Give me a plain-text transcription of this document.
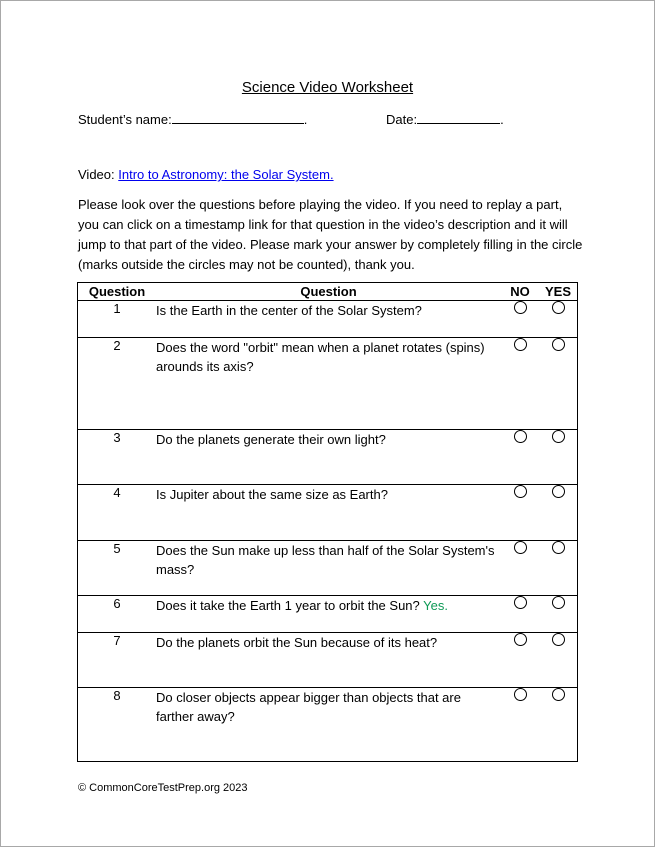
Science Video Worksheet
Student’s name:	.	Date:	.
Video: Intro to Astronomy: the Solar System.
Please look over the questions before playing the video. If you need to replay a part, you can click on a timestamp link for that question in the video’s description and it will jump to that part of the video. Please mark your answer by completely filling in the circle (marks outside the circles may not be counted), thank you.
Question	Question	NO	YES
1	Is the Earth in the center of the Solar System?		
2	Does the word "orbit" mean when a planet rotates (spins) arounds its axis?		
3	Do the planets generate their own light?		
4	Is Jupiter about the same size as Earth?		
5	Does the Sun make up less than half of the Solar System's mass?		
6	Does it take the Earth 1 year to orbit the Sun? Yes.		
7	Do the planets orbit the Sun because of its heat?		
8	Do closer objects appear bigger than objects that are farther away?		
© CommonCoreTestPrep.org 2023
